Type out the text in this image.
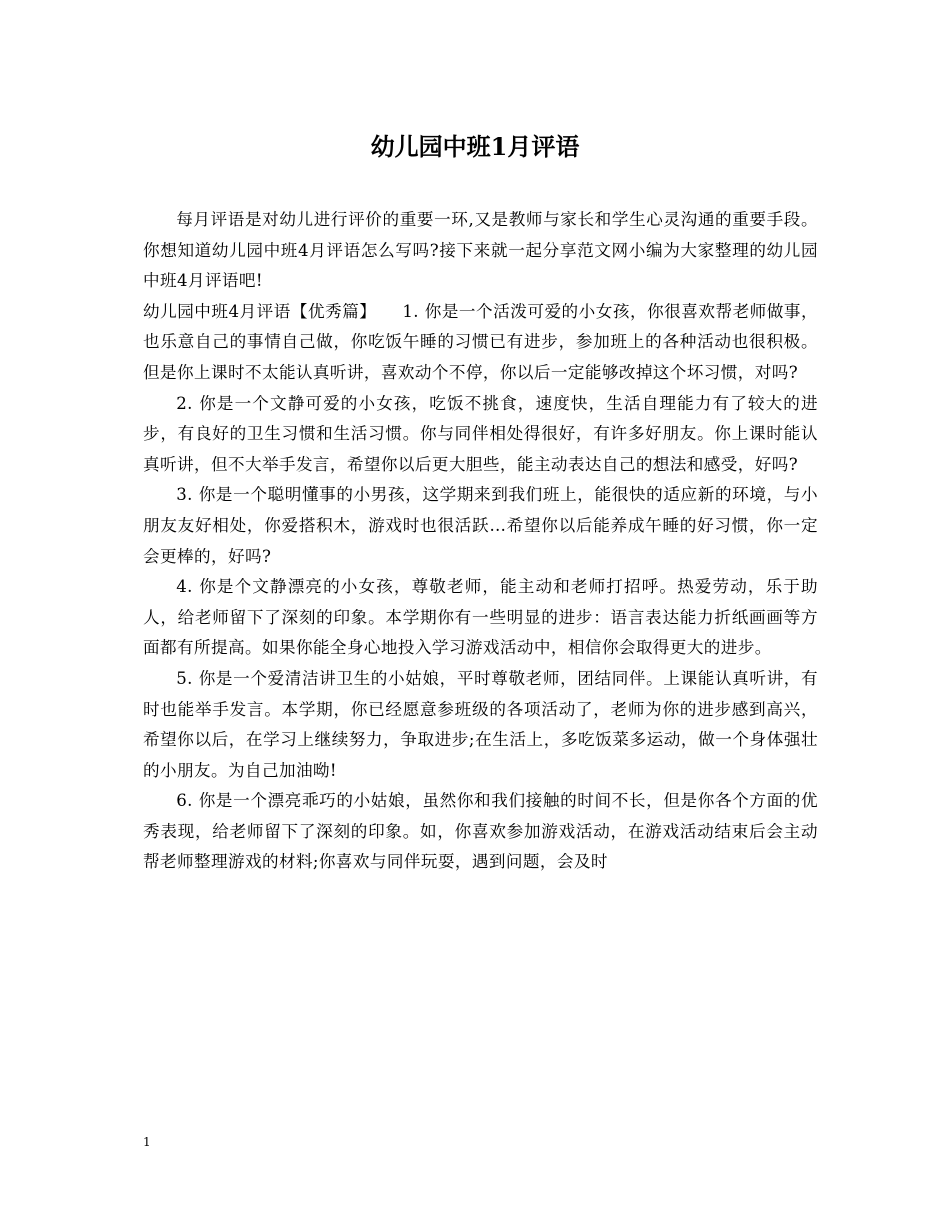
幼儿园中班1月评语

每月评语是对幼儿进行评价的重要一环,又是教师与家长和学生心灵沟通的重要手段。你想知道幼儿园中班4月评语怎么写吗?接下来就一起分享范文网小编为大家整理的幼儿园中班4月评语吧!

幼儿园中班4月评语【优秀篇】　　1. 你是一个活泼可爱的小女孩，你很喜欢帮老师做事，也乐意自己的事情自己做，你吃饭午睡的习惯已有进步，参加班上的各种活动也很积极。但是你上课时不太能认真听讲，喜欢动个不停，你以后一定能够改掉这个坏习惯，对吗?

2. 你是一个文静可爱的小女孩，吃饭不挑食，速度快，生活自理能力有了较大的进步，有良好的卫生习惯和生活习惯。你与同伴相处得很好，有许多好朋友。你上课时能认真听讲，但不大举手发言，希望你以后更大胆些，能主动表达自己的想法和感受，好吗?

3. 你是一个聪明懂事的小男孩，这学期来到我们班上，能很快的适应新的环境，与小朋友友好相处，你爱搭积木，游戏时也很活跃…希望你以后能养成午睡的好习惯，你一定会更棒的，好吗?

4. 你是个文静漂亮的小女孩，尊敬老师，能主动和老师打招呼。热爱劳动，乐于助人，给老师留下了深刻的印象。本学期你有一些明显的进步：语言表达能力折纸画画等方面都有所提高。如果你能全身心地投入学习游戏活动中，相信你会取得更大的进步。

5. 你是一个爱清洁讲卫生的小姑娘，平时尊敬老师，团结同伴。上课能认真听讲，有时也能举手发言。本学期，你已经愿意参班级的各项活动了，老师为你的进步感到高兴，希望你以后，在学习上继续努力，争取进步;在生活上，多吃饭菜多运动，做一个身体强壮的小朋友。为自己加油呦!

6. 你是一个漂亮乖巧的小姑娘，虽然你和我们接触的时间不长，但是你各个方面的优秀表现，给老师留下了深刻的印象。如，你喜欢参加游戏活动，在游戏活动结束后会主动帮老师整理游戏的材料;你喜欢与同伴玩耍，遇到问题，会及时

1
